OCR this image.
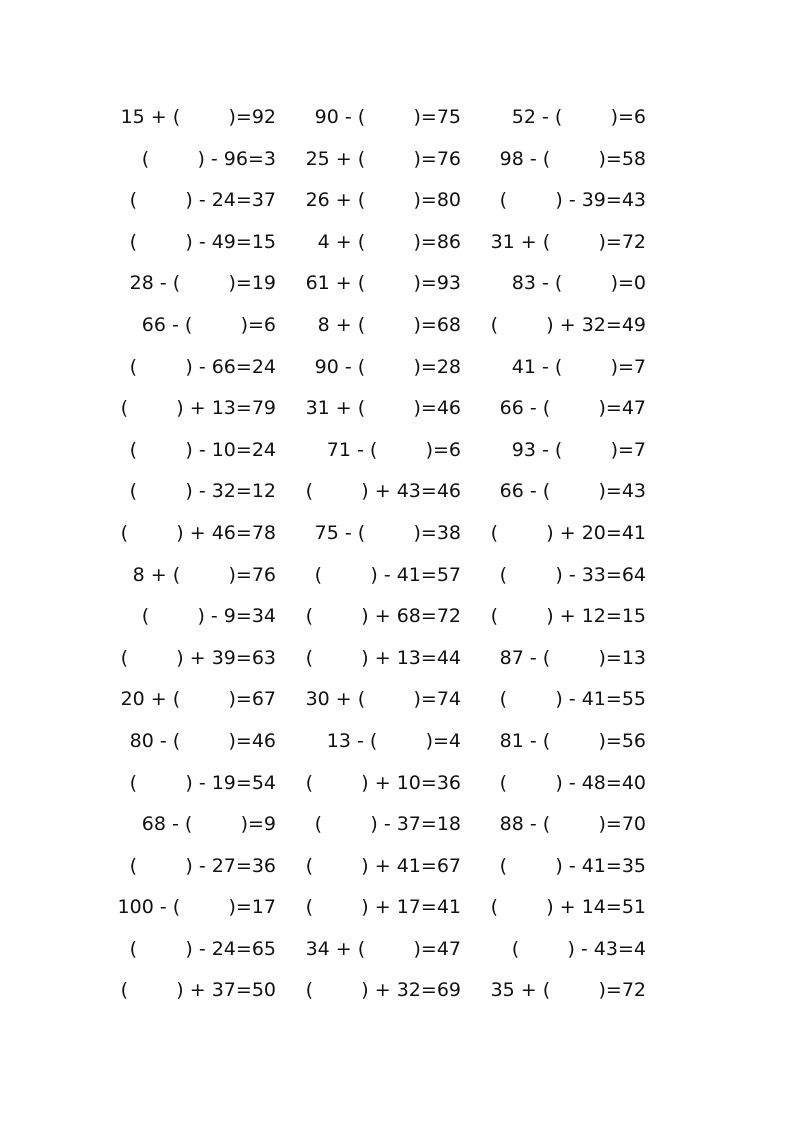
15 + (        )=92	90 - (        )=75	52 - (        )=6
(        ) - 96=3	25 + (        )=76	98 - (        )=58
(        ) - 24=37	26 + (        )=80	(        ) - 39=43
(        ) - 49=15	4 + (        )=86	31 + (        )=72
28 - (        )=19	61 + (        )=93	83 - (        )=0
66 - (        )=6	8 + (        )=68	(        ) + 32=49
(        ) - 66=24	90 - (        )=28	41 - (        )=7
(        ) + 13=79	31 + (        )=46	66 - (        )=47
(        ) - 10=24	71 - (        )=6	93 - (        )=7
(        ) - 32=12	(        ) + 43=46	66 - (        )=43
(        ) + 46=78	75 - (        )=38	(        ) + 20=41
8 + (        )=76	(        ) - 41=57	(        ) - 33=64
(        ) - 9=34	(        ) + 68=72	(        ) + 12=15
(        ) + 39=63	(        ) + 13=44	87 - (        )=13
20 + (        )=67	30 + (        )=74	(        ) - 41=55
80 - (        )=46	13 - (        )=4	81 - (        )=56
(        ) - 19=54	(        ) + 10=36	(        ) - 48=40
68 - (        )=9	(        ) - 37=18	88 - (        )=70
(        ) - 27=36	(        ) + 41=67	(        ) - 41=35
100 - (        )=17	(        ) + 17=41	(        ) + 14=51
(        ) - 24=65	34 + (        )=47	(        ) - 43=4
(        ) + 37=50	(        ) + 32=69	35 + (        )=72
